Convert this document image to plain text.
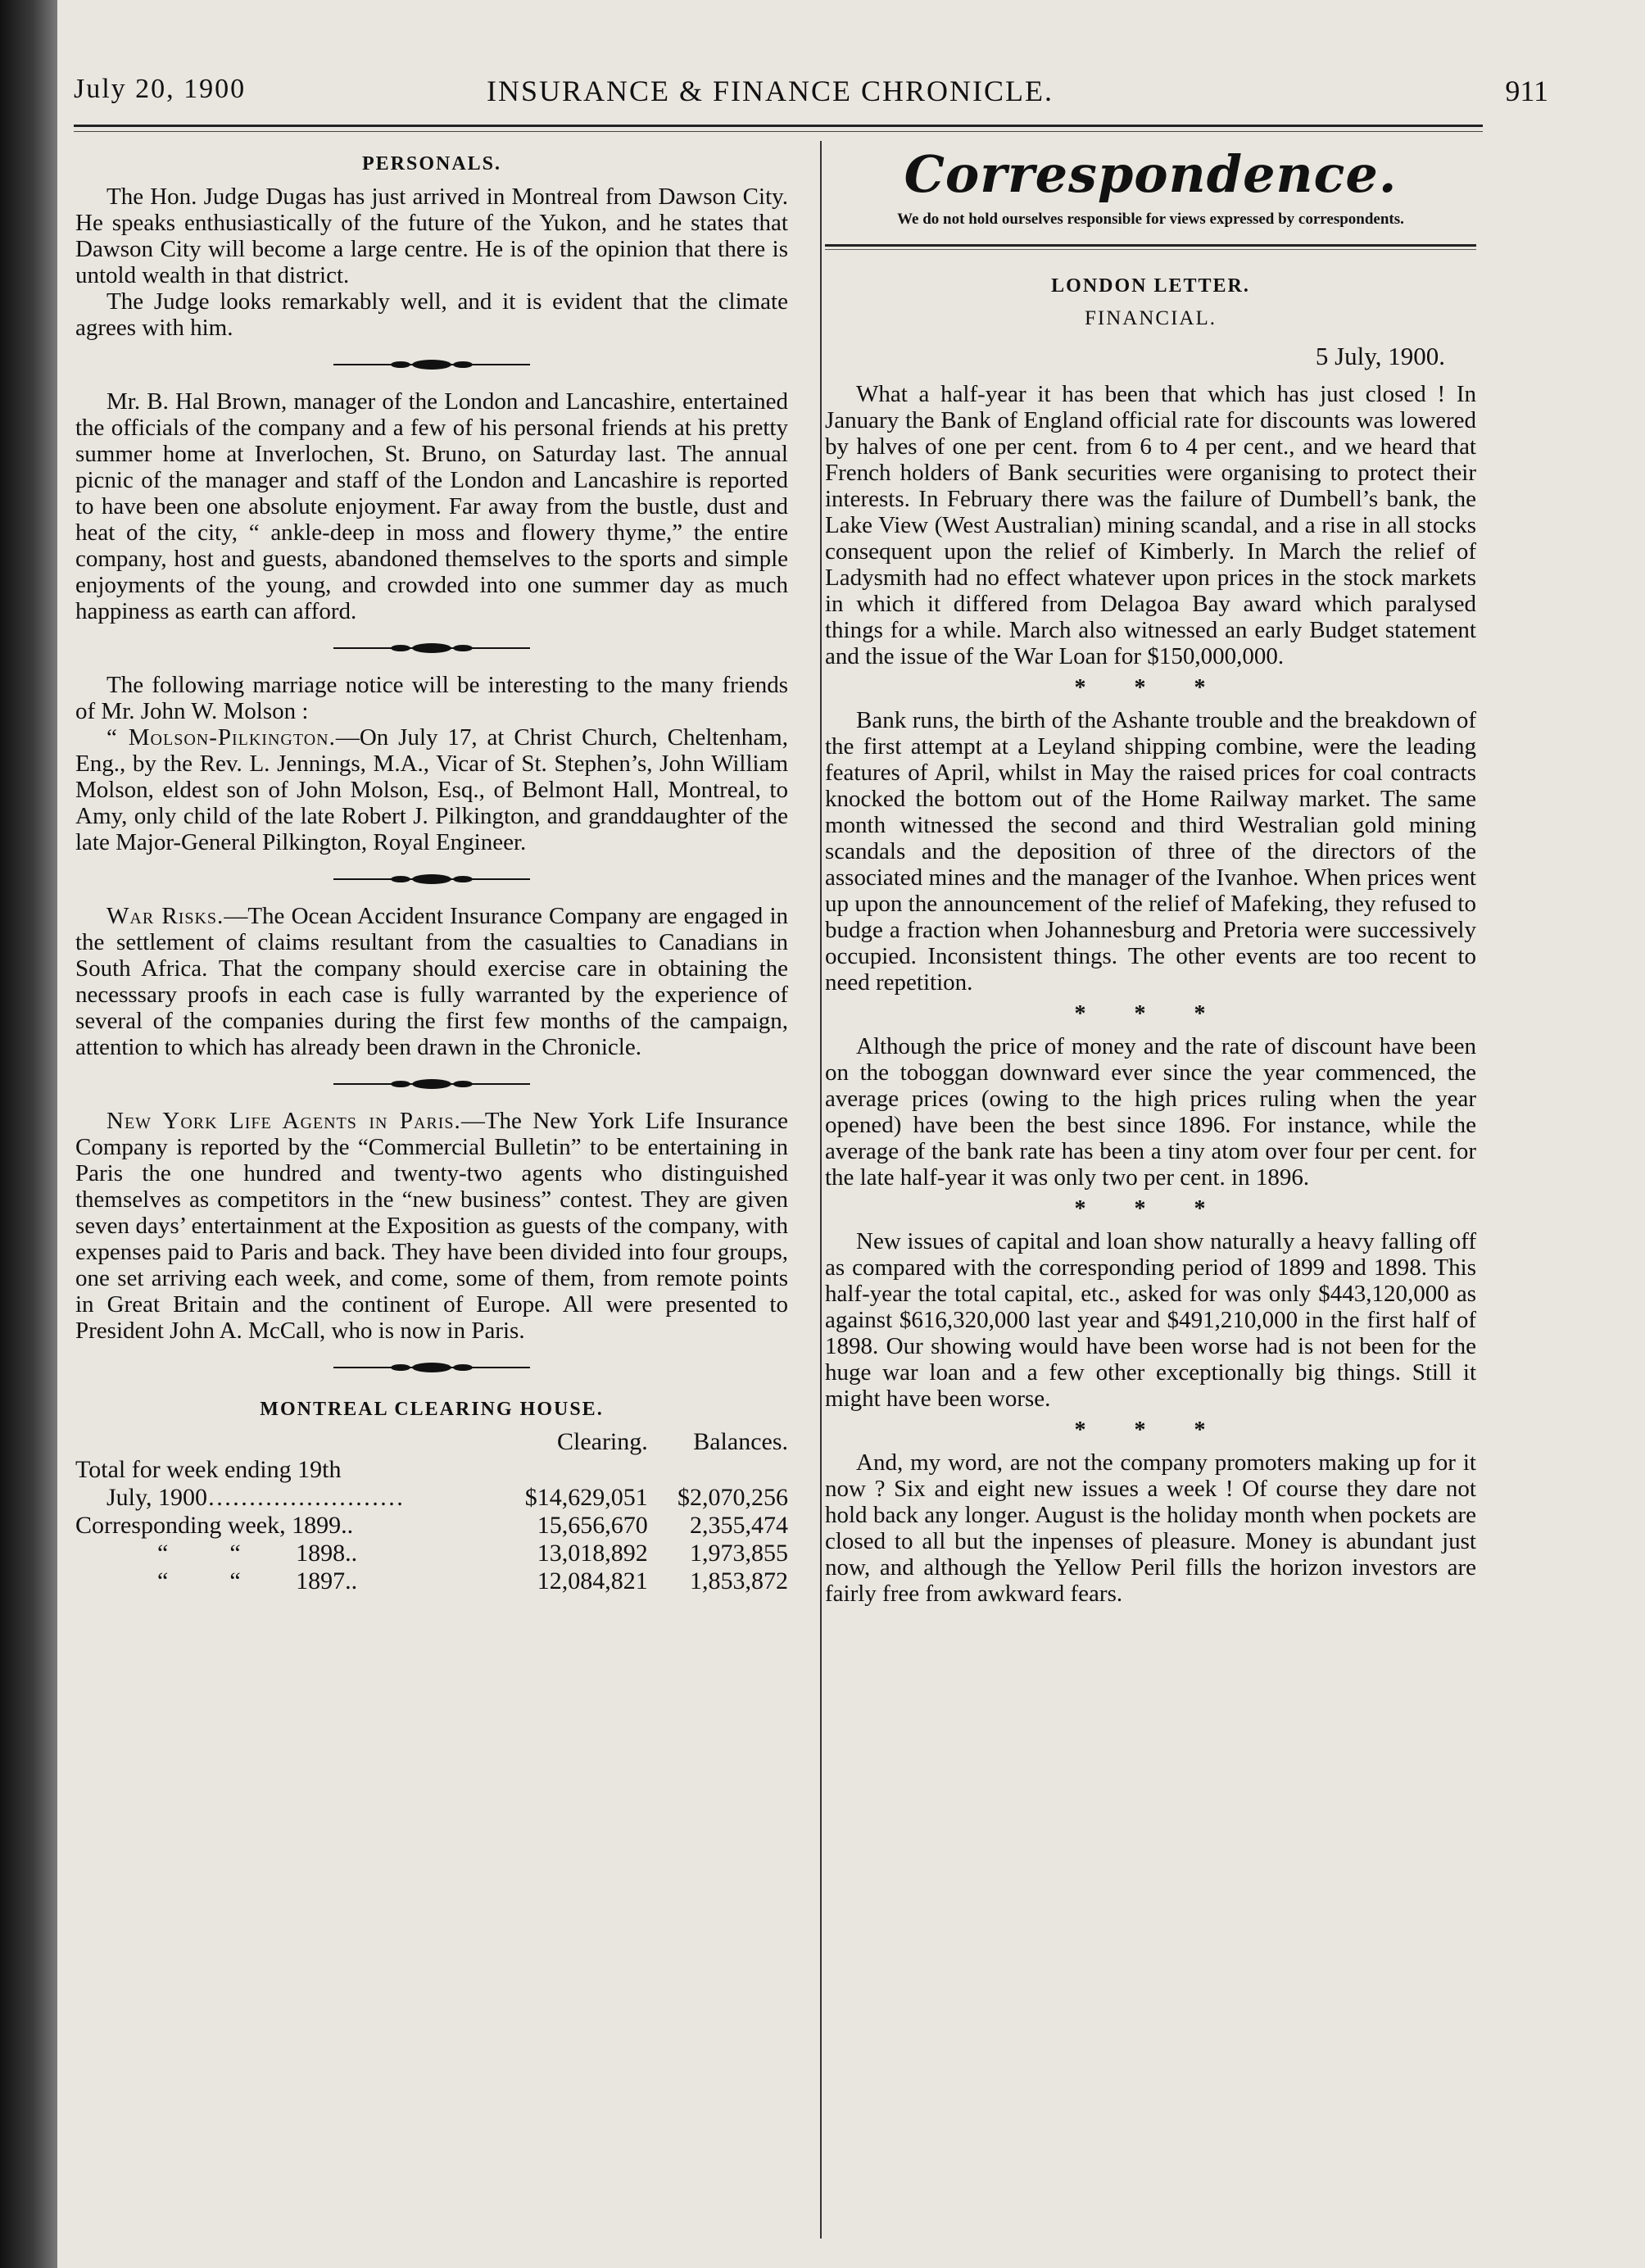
July 20, 1900	INSURANCE & FINANCE CHRONICLE.	911
PERSONALS.

The Hon. Judge Dugas has just arrived in Montreal from Dawson City. He speaks enthusiastically of the future of the Yukon, and he states that Dawson City will become a large centre. He is of the opinion that there is untold wealth in that district.

The Judge looks remarkably well, and it is evident that the climate agrees with him.

Mr. B. Hal Brown, manager of the London and Lancashire, entertained the officials of the company and a few of his personal friends at his pretty summer home at Inverlochen, St. Bruno, on Saturday last. The annual picnic of the manager and staff of the London and Lancashire is reported to have been one absolute enjoyment. Far away from the bustle, dust and heat of the city, “ ankle-deep in moss and flowery thyme,” the entire company, host and guests, abandoned themselves to the sports and simple enjoyments of the young, and crowded into one summer day as much happiness as earth can afford.

The following marriage notice will be interesting to the many friends of Mr. John W. Molson :

“ Molson-Pilkington.—On July 17, at Christ Church, Cheltenham, Eng., by the Rev. L. Jennings, M.A., Vicar of St. Stephen’s, John William Molson, eldest son of John Molson, Esq., of Belmont Hall, Montreal, to Amy, only child of the late Robert J. Pilkington, and granddaughter of the late Major-General Pilkington, Royal Engineer.

War Risks.—The Ocean Accident Insurance Company are engaged in the settlement of claims resultant from the casualties to Canadians in South Africa. That the company should exercise care in obtaining the necesssary proofs in each case is fully warranted by the experience of several of the companies during the first few months of the campaign, attention to which has already been drawn in the Chronicle.

New York Life Agents in Paris.—The New York Life Insurance Company is reported by the “Commercial Bulletin” to be entertaining in Paris the one hundred and twenty-two agents who distinguished themselves as competitors in the “new business” contest. They are given seven days’ entertainment at the Exposition as guests of the company, with expenses paid to Paris and back. They have been divided into four groups, one set arriving each week, and come, some of them, from remote points in Great Britain and the continent of Europe. All were presented to President John A. McCall, who is now in Paris.

MONTREAL CLEARING HOUSE.
	Clearing.	Balances.
Total for week ending 19th		
July, 1900……………………	$14,629,051	$2,070,256
Corresponding week, 1899..	15,656,670	2,355,474
“          “         1898..	13,018,892	1,973,855
“          “         1897..	12,084,821	1,853,872
Correspondence.
We do not hold ourselves responsible for views expressed by correspondents.
LONDON LETTER.
FINANCIAL.
5 July, 1900.

What a half-year it has been that which has just closed ! In January the Bank of England official rate for discounts was lowered by halves of one per cent. from 6 to 4 per cent., and we heard that French holders of Bank securities were organising to protect their interests. In February there was the failure of Dumbell’s bank, the Lake View (West Australian) mining scandal, and a rise in all stocks consequent upon the relief of Kimberly. In March the relief of Ladysmith had no effect whatever upon prices in the stock markets in which it differed from Delagoa Bay award which paralysed things for a while. March also witnessed an early Budget statement and the issue of the War Loan for $150,000,000.

* * *

Bank runs, the birth of the Ashante trouble and the breakdown of the first attempt at a Leyland shipping combine, were the leading features of April, whilst in May the raised prices for coal contracts knocked the bottom out of the Home Railway market. The same month witnessed the second and third Westralian gold mining scandals and the deposition of three of the directors of the associated mines and the manager of the Ivanhoe. When prices went up upon the announcement of the relief of Mafeking, they refused to budge a fraction when Johannesburg and Pretoria were successively occupied. Inconsistent things. The other events are too recent to need repetition.

* * *

Although the price of money and the rate of discount have been on the toboggan downward ever since the year commenced, the average prices (owing to the high prices ruling when the year opened) have been the best since 1896. For instance, while the average of the bank rate has been a tiny atom over four per cent. for the late half-year it was only two per cent. in 1896.

* * *

New issues of capital and loan show naturally a heavy falling off as compared with the corresponding period of 1899 and 1898. This half-year the total capital, etc., asked for was only $443,120,000 as against $616,320,000 last year and $491,210,000 in the first half of 1898. Our showing would have been worse had is not been for the huge war loan and a few other exceptionally big things. Still it might have been worse.

* * *

And, my word, are not the company promoters making up for it now ? Six and eight new issues a week ! Of course they dare not hold back any longer. August is the holiday month when pockets are closed to all but the inpenses of pleasure. Money is abundant just now, and although the Yellow Peril fills the horizon investors are fairly free from awkward fears.
